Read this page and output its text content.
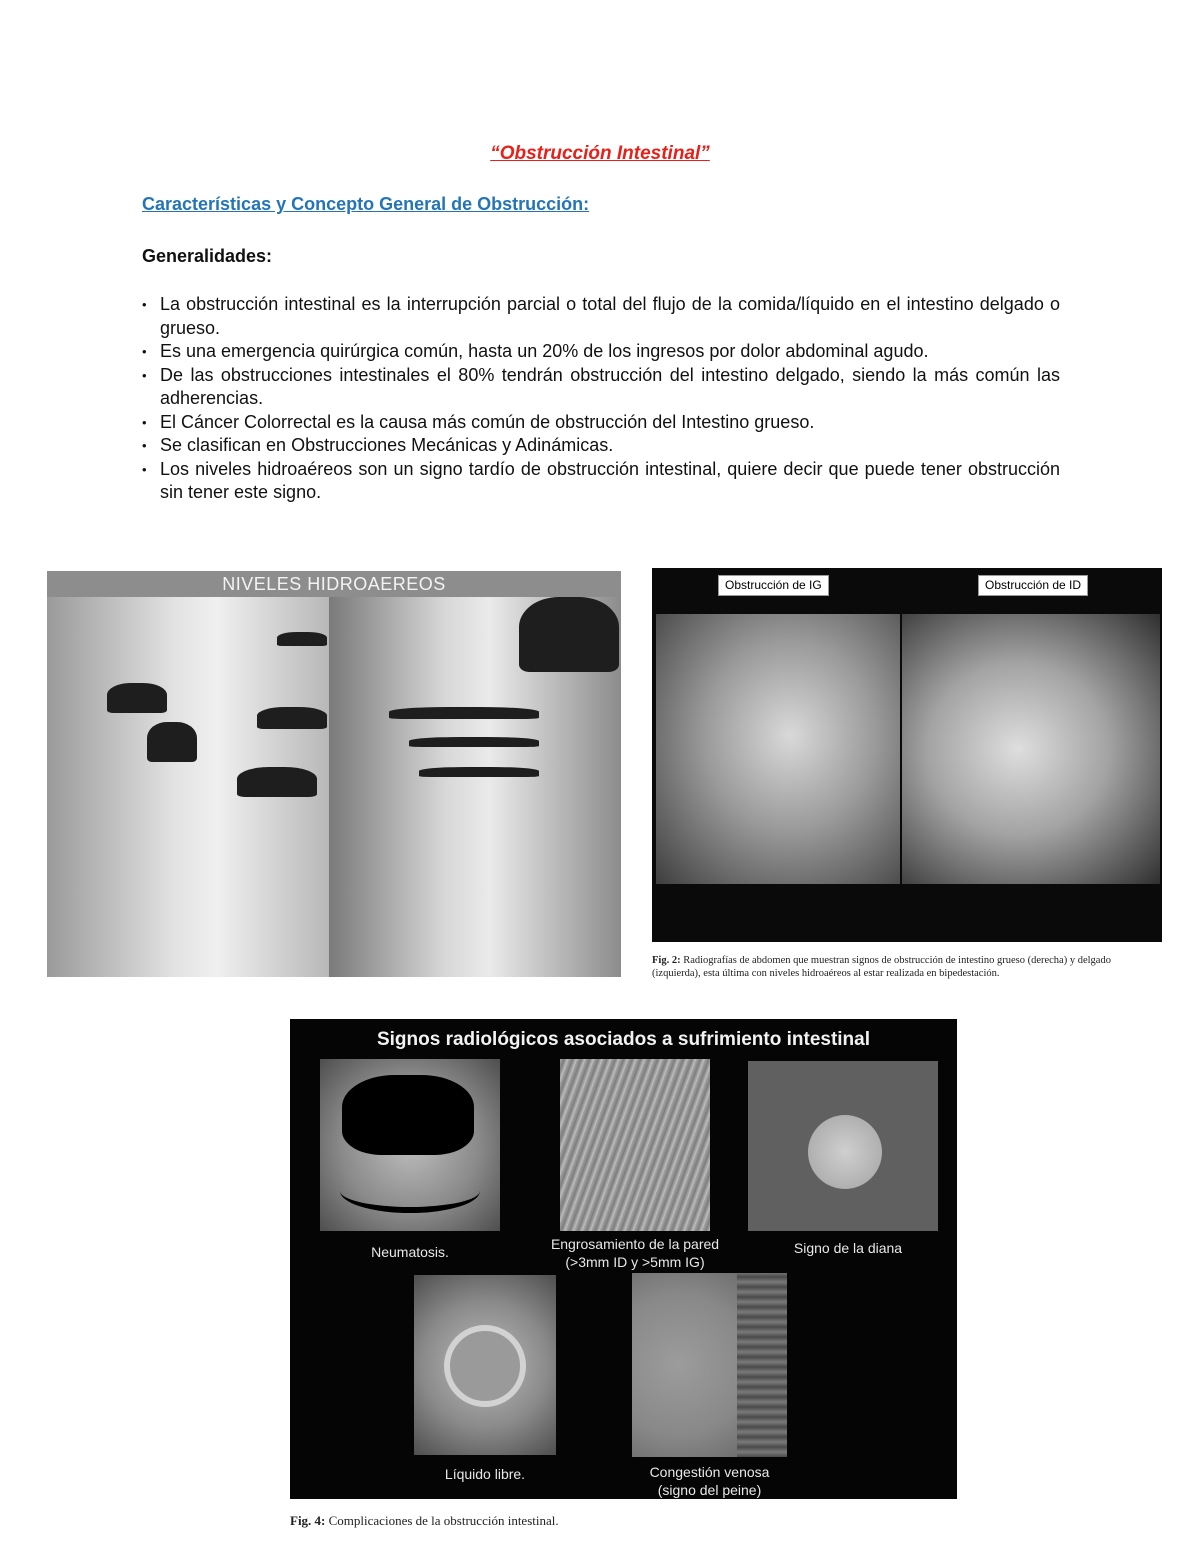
“Obstrucción Intestinal”
Características y Concepto General de Obstrucción:
Generalidades:
• La obstrucción intestinal es la interrupción parcial o total del flujo de la comida/líquido en el intestino delgado o grueso.
• Es una emergencia quirúrgica común, hasta un 20% de los ingresos por dolor abdominal agudo.
• De las obstrucciones intestinales el 80% tendrán obstrucción del intestino delgado, siendo la más común las adherencias.
• El Cáncer Colorrectal es la causa más común de obstrucción del Intestino grueso.
• Se clasifican en Obstrucciones Mecánicas y Adinámicas.
• Los niveles hidroaéreos son un signo tardío de obstrucción intestinal, quiere decir que puede tener obstrucción sin tener este signo.
NIVELES HIDROAEREOS	Obstrucción de IG	Obstrucción de ID
Fig. 2: Radiografías de abdomen que muestran signos de obstrucción de intestino grueso (derecha) y delgado (izquierda), esta última con niveles hidroaéreos al estar realizada en bipedestación.
Signos radiológicos asociados a sufrimiento intestinal
Neumatosis.	Engrosamiento de la pared
(>3mm ID y >5mm IG)
Signo de la diana
Líquido libre.	Congestión venosa
(signo del peine)
Fig. 4: Complicaciones de la obstrucción intestinal.
